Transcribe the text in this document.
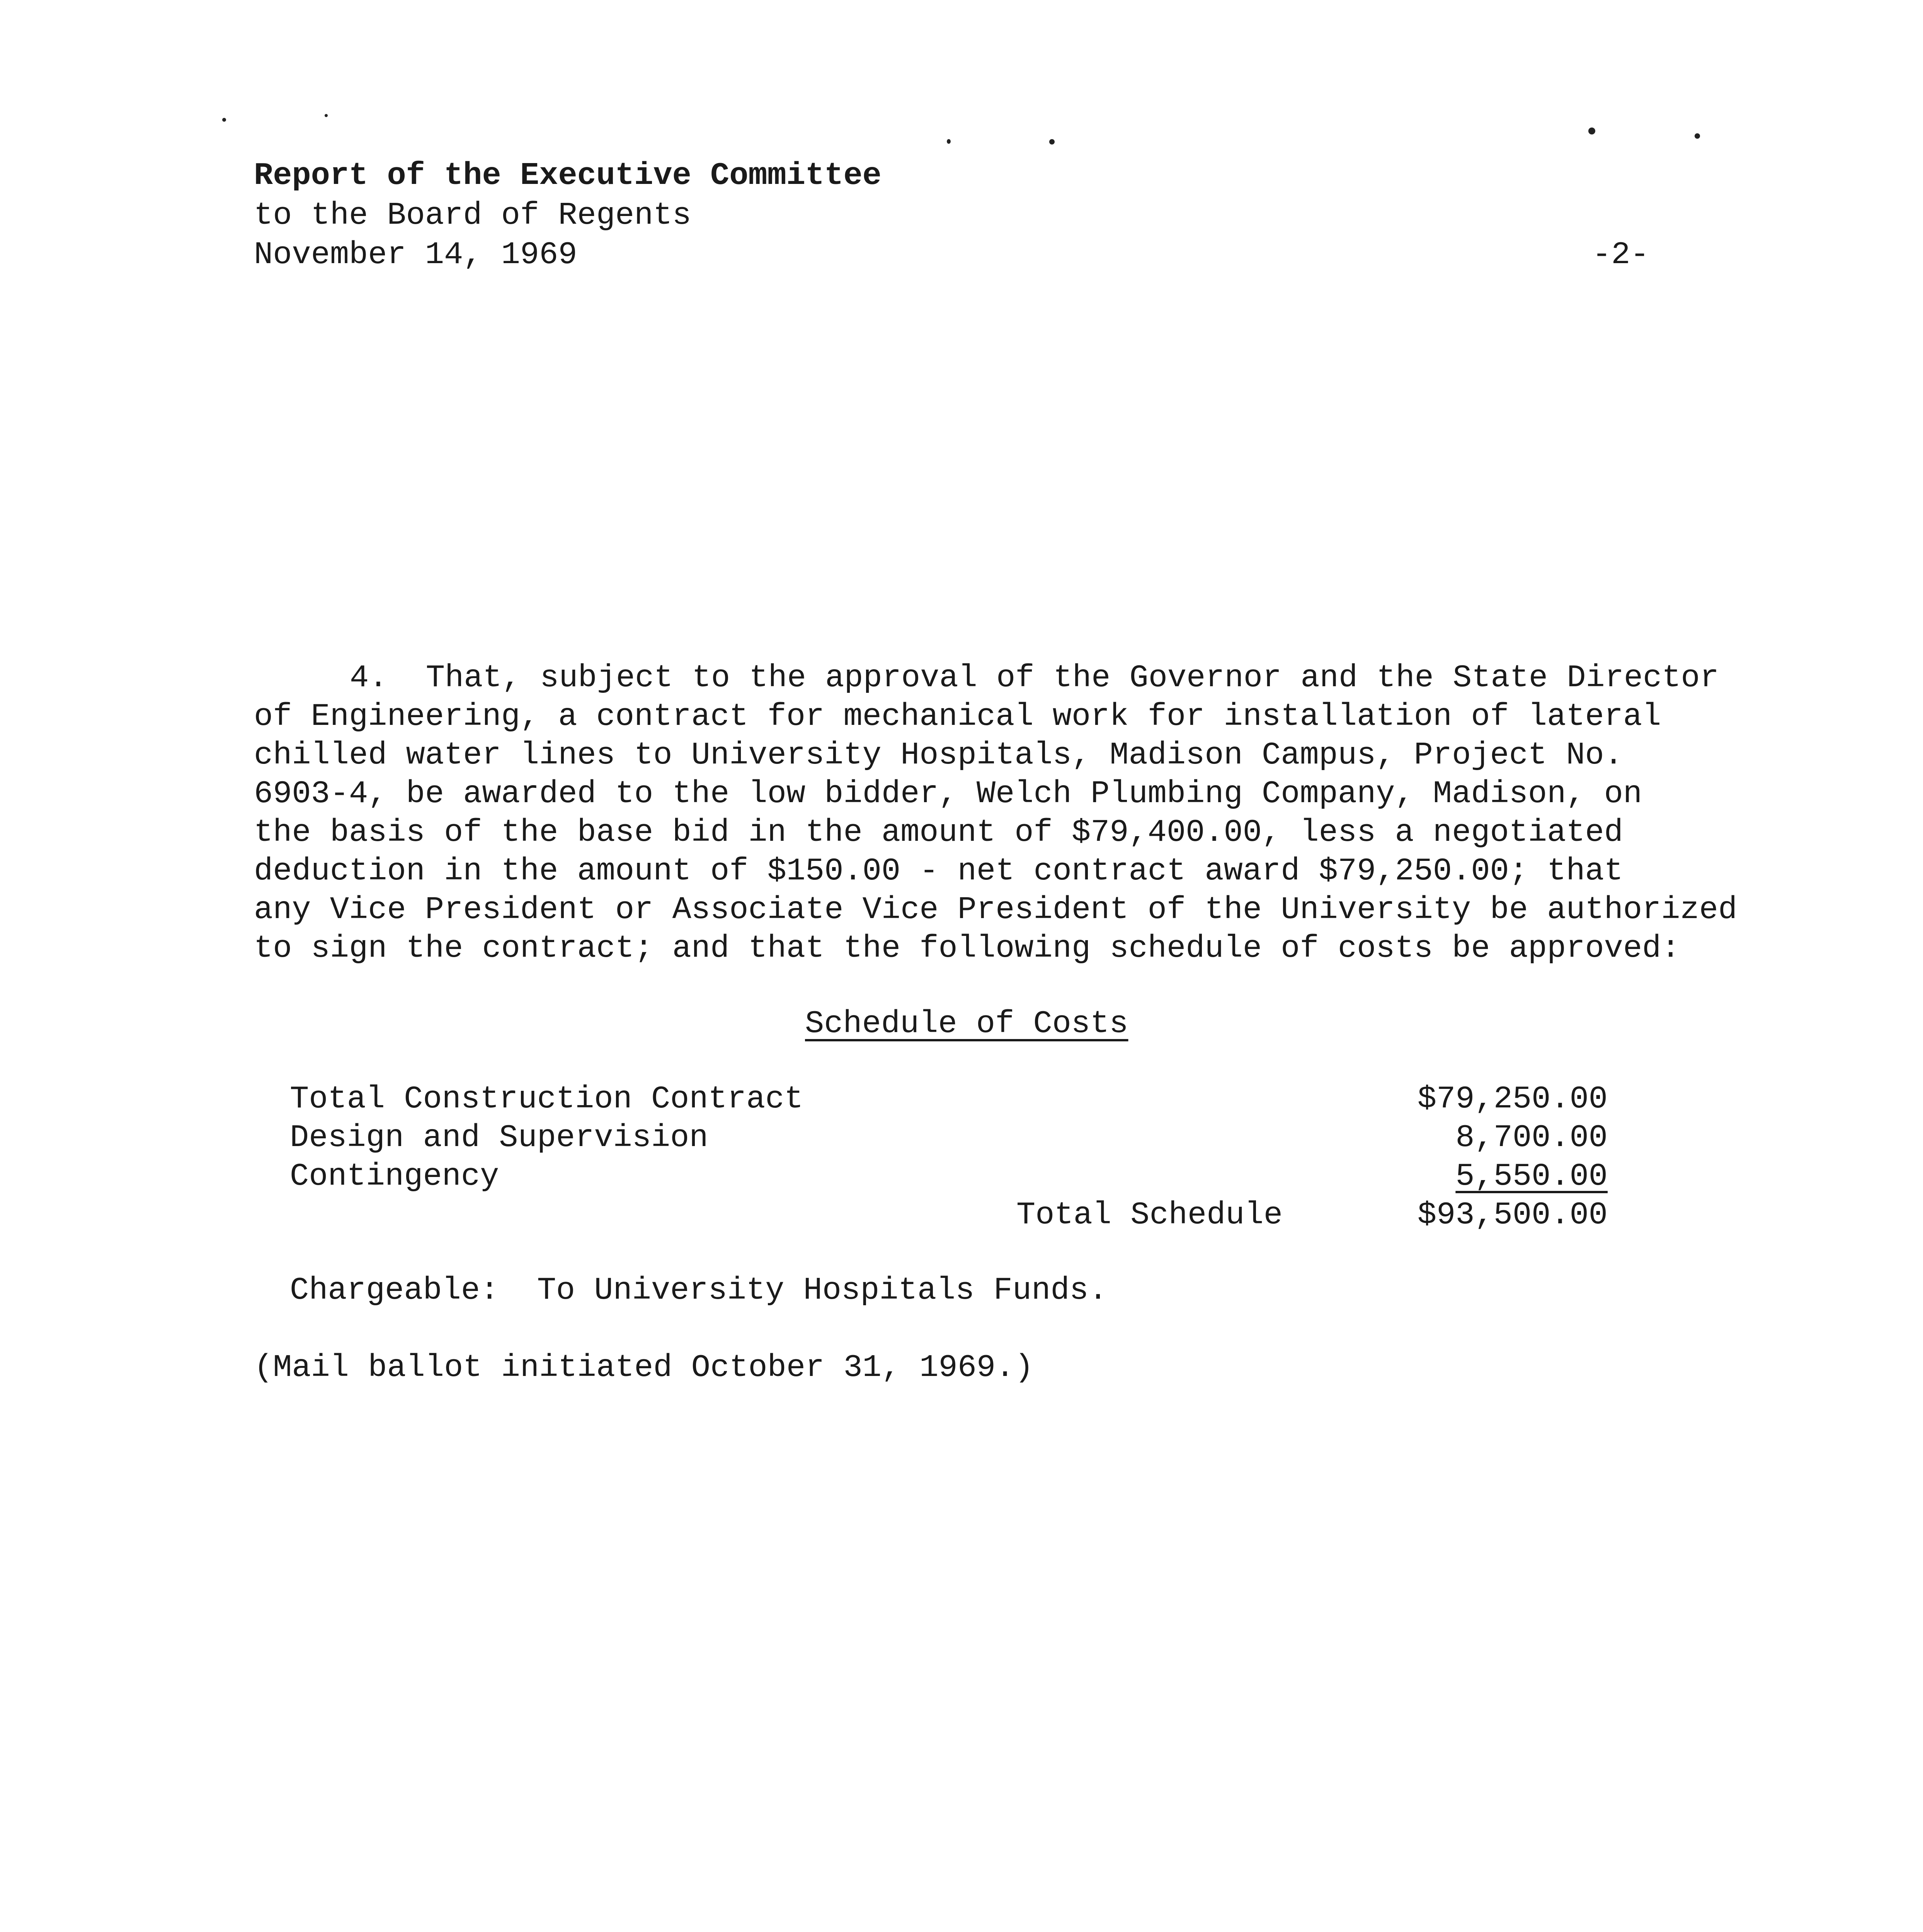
Report of the Executive Committee
to the Board of Regents
November 14, 1969	-2-
4.  That, subject to the approval of the Governor and the State Director
of Engineering, a contract for mechanical work for installation of lateral
chilled water lines to University Hospitals, Madison Campus, Project No.
6903-4, be awarded to the low bidder, Welch Plumbing Company, Madison, on
the basis of the base bid in the amount of $79,400.00, less a negotiated
deduction in the amount of $150.00 - net contract award $79,250.00; that
any Vice President or Associate Vice President of the University be authorized
to sign the contract; and that the following schedule of costs be approved:
Schedule of Costs
Total Construction Contract	$79,250.00
Design and Supervision	8,700.00
Contingency	5,550.00
Total Schedule	$93,500.00
Chargeable:  To University Hospitals Funds.
(Mail ballot initiated October 31, 1969.)
